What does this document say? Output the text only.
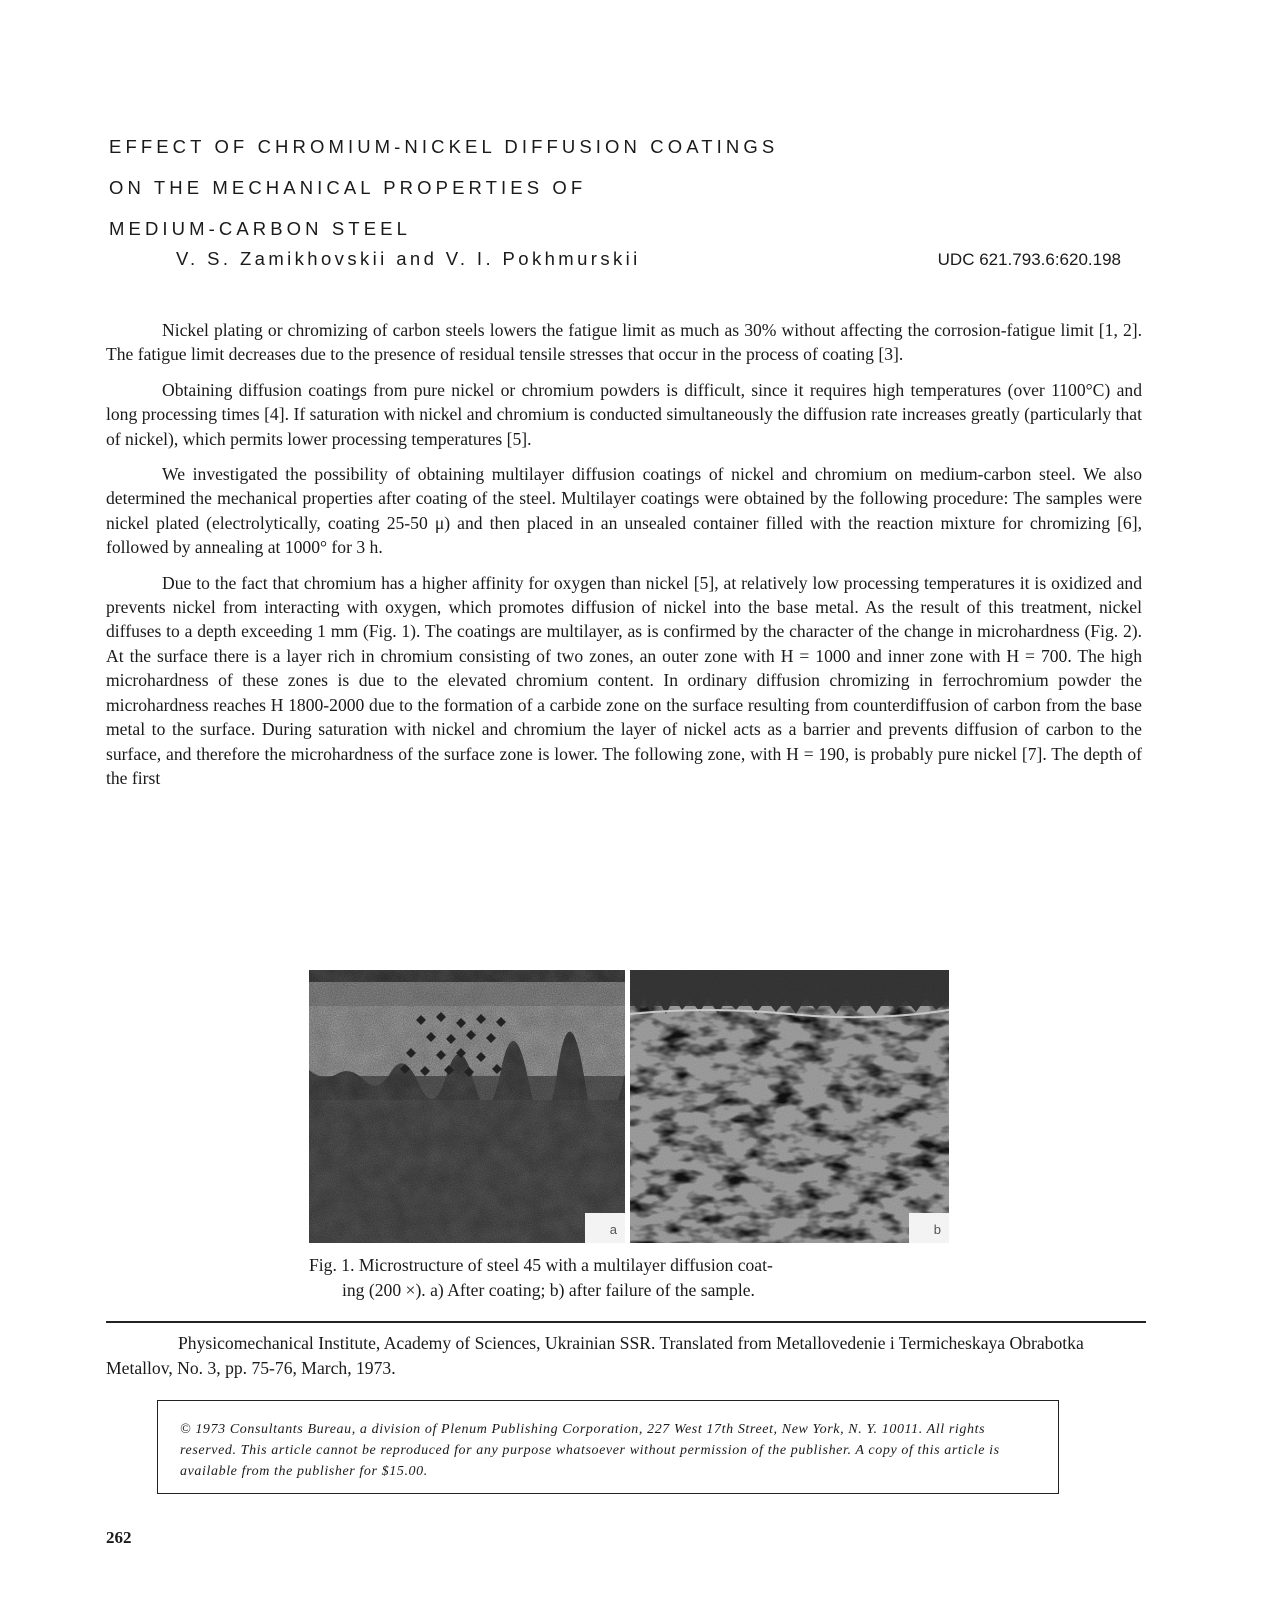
EFFECT OF CHROMIUM-NICKEL DIFFUSION COATINGS
ON THE MECHANICAL PROPERTIES OF
MEDIUM-CARBON STEEL
V. S. Zamikhovskii and V. I. Pokhmurskii	UDC 621.793.6:620.198

Nickel plating or chromizing of carbon steels lowers the fatigue limit as much as 30% without affecting the corrosion-fatigue limit [1, 2]. The fatigue limit decreases due to the presence of residual tensile stresses that occur in the process of coating [3].

Obtaining diffusion coatings from pure nickel or chromium powders is difficult, since it requires high temperatures (over 1100°C) and long processing times [4]. If saturation with nickel and chromium is conducted simultaneously the diffusion rate increases greatly (particularly that of nickel), which permits lower processing temperatures [5].

We investigated the possibility of obtaining multilayer diffusion coatings of nickel and chromium on medium-carbon steel. We also determined the mechanical properties after coating of the steel. Multilayer coatings were obtained by the following procedure: The samples were nickel plated (electrolytically, coating 25-50 μ) and then placed in an unsealed container filled with the reaction mixture for chromizing [6], followed by annealing at 1000° for 3 h.

Due to the fact that chromium has a higher affinity for oxygen than nickel [5], at relatively low processing temperatures it is oxidized and prevents nickel from interacting with oxygen, which promotes diffusion of nickel into the base metal. As the result of this treatment, nickel diffuses to a depth exceeding 1 mm (Fig. 1). The coatings are multilayer, as is confirmed by the character of the change in microhardness (Fig. 2). At the surface there is a layer rich in chromium consisting of two zones, an outer zone with H = 1000 and inner zone with H = 700. The high microhardness of these zones is due to the elevated chromium content. In ordinary diffusion chromizing in ferrochromium powder the microhardness reaches H 1800-2000 due to the formation of a carbide zone on the surface resulting from counterdiffusion of carbon from the base metal to the surface. During saturation with nickel and chromium the layer of nickel acts as a barrier and prevents diffusion of carbon to the surface, and therefore the microhardness of the surface zone is lower. The following zone, with H = 190, is probably pure nickel [7]. The depth of the first

a	b
Fig. 1. Microstructure of steel 45 with a multilayer diffusion coat-
ing (200 ×). a) After coating; b) after failure of the sample.
Physicomechanical Institute, Academy of Sciences, Ukrainian SSR. Translated from Metallovedenie i Termicheskaya Obrabotka Metallov, No. 3, pp. 75-76, March, 1973.
© 1973 Consultants Bureau, a division of Plenum Publishing Corporation, 227 West 17th Street, New York, N. Y. 10011. All rights reserved. This article cannot be reproduced for any purpose whatsoever without permission of the publisher. A copy of this article is available from the publisher for $15.00.
262
